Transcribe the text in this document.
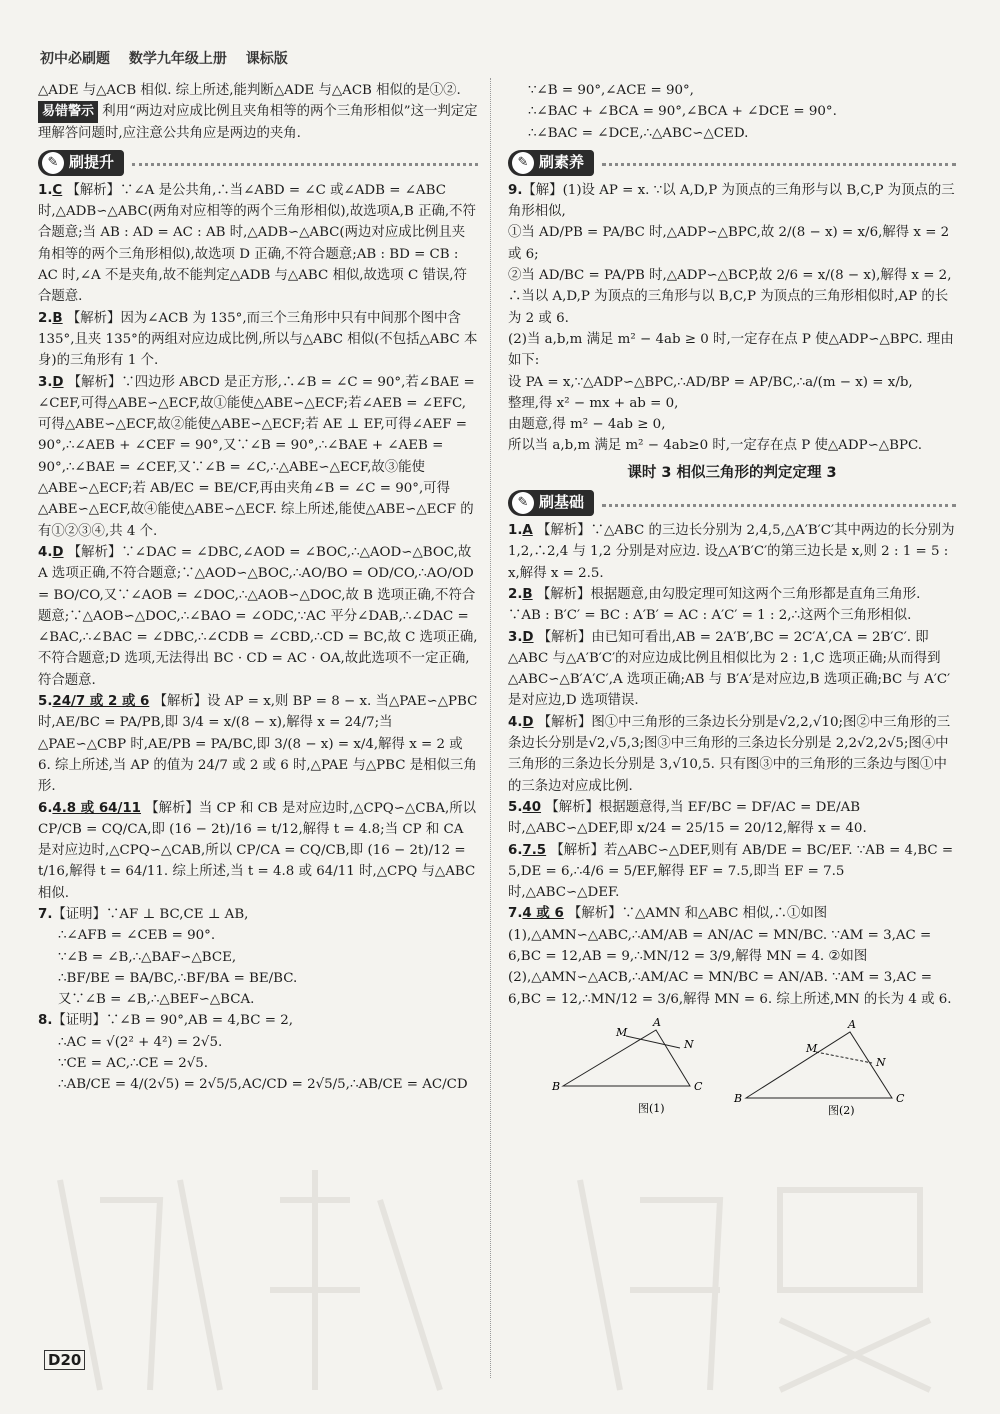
初中必刷题 数学九年级上册 课标版

△ADE 与△ACB 相似. 综上所述,能判断△ADE 与△ACB 相似的是①②.

易错警示 利用“两边对应成比例且夹角相等的两个三角形相似”这一判定定理解答问题时,应注意公共角应是两边的夹角.

✎ 刷提升

1.C 【解析】∵∠A 是公共角,∴当∠ABD = ∠C 或∠ADB = ∠ABC 时,△ADB∽△ABC(两角对应相等的两个三角形相似),故选项A,B 正确,不符合题意;当 AB : AD = AC : AB 时,△ADB∽△ABC(两边对应成比例且夹角相等的两个三角形相似),故选项 D 正确,不符合题意;AB : BD = CB : AC 时,∠A 不是夹角,故不能判定△ADB 与△ABC 相似,故选项 C 错误,符合题意.

2.B 【解析】因为∠ACB 为 135°,而三个三角形中只有中间那个图中含 135°,且夹 135°的两组对应边成比例,所以与△ABC 相似(不包括△ABC 本身)的三角形有 1 个.

3.D 【解析】∵四边形 ABCD 是正方形,∴∠B = ∠C = 90°,若∠BAE = ∠CEF,可得△ABE∽△ECF,故①能使△ABE∽△ECF;若∠AEB = ∠EFC,可得△ABE∽△ECF,故②能使△ABE∽△ECF;若 AE ⊥ EF,可得∠AEF = 90°,∴∠AEB + ∠CEF = 90°,又∵∠B = 90°,∴∠BAE + ∠AEB = 90°,∴∠BAE = ∠CEF,又∵∠B = ∠C,∴△ABE∽△ECF,故③能使△ABE∽△ECF;若 AB/EC = BE/CF,再由夹角∠B = ∠C = 90°,可得△ABE∽△ECF,故④能使△ABE∽△ECF. 综上所述,能使△ABE∽△ECF 的有①②③④,共 4 个.

4.D 【解析】∵∠DAC = ∠DBC,∠AOD = ∠BOC,∴△AOD∽△BOC,故 A 选项正确,不符合题意;∵△AOD∽△BOC,∴AO/BO = OD/CO,∴AO/OD = BO/CO,又∵∠AOB = ∠DOC,∴△AOB∽△DOC,故 B 选项正确,不符合题意;∵△AOB∽△DOC,∴∠BAO = ∠ODC,∵AC 平分∠DAB,∴∠DAC = ∠BAC,∴∠BAC = ∠DBC,∴∠CDB = ∠CBD,∴CD = BC,故 C 选项正确,不符合题意;D 选项,无法得出 BC · CD = AC · OA,故此选项不一定正确,符合题意.

5.24/7 或 2 或 6 【解析】设 AP = x,则 BP = 8 − x. 当△PAE∽△PBC 时,AE/BC = PA/PB,即 3/4 = x/(8 − x),解得 x = 24/7;当△PAE∽△CBP 时,AE/PB = PA/BC,即 3/(8 − x) = x/4,解得 x = 2 或 6. 综上所述,当 AP 的值为 24/7 或 2 或 6 时,△PAE 与△PBC 是相似三角形.

6.4.8 或 64/11 【解析】当 CP 和 CB 是对应边时,△CPQ∽△CBA,所以 CP/CB = CQ/CA,即 (16 − 2t)/16 = t/12,解得 t = 4.8;当 CP 和 CA 是对应边时,△CPQ∽△CAB,所以 CP/CA = CQ/CB,即 (16 − 2t)/12 = t/16,解得 t = 64/11. 综上所述,当 t = 4.8 或 64/11 时,△CPQ 与△ABC 相似.

7.【证明】∵AF ⊥ BC,CE ⊥ AB,

∴∠AFB = ∠CEB = 90°.

∵∠B = ∠B,∴△BAF∽△BCE,

∴BF/BE = BA/BC,∴BF/BA = BE/BC.

又∵∠B = ∠B,∴△BEF∽△BCA.

8.【证明】∵∠B = 90°,AB = 4,BC = 2,

∴AC = √(2² + 4²) = 2√5.

∵CE = AC,∴CE = 2√5.

∴AB/CE = 4/(2√5) = 2√5/5,AC/CD = 2√5/5,∴AB/CE = AC/CD

∵∠B = 90°,∠ACE = 90°,

∴∠BAC + ∠BCA = 90°,∠BCA + ∠DCE = 90°.

∴∠BAC = ∠DCE,∴△ABC∽△CED.

✎ 刷素养

9.【解】(1)设 AP = x. ∵以 A,D,P 为顶点的三角形与以 B,C,P 为顶点的三角形相似,

①当 AD/PB = PA/BC 时,△ADP∽△BPC,故 2/(8 − x) = x/6,解得 x = 2 或 6;

②当 AD/BC = PA/PB 时,△ADP∽△BCP,故 2/6 = x/(8 − x),解得 x = 2,

∴当以 A,D,P 为顶点的三角形与以 B,C,P 为顶点的三角形相似时,AP 的长为 2 或 6.

(2)当 a,b,m 满足 m² − 4ab ≥ 0 时,一定存在点 P 使△ADP∽△BPC. 理由如下:

设 PA = x,∵△ADP∽△BPC,∴AD/BP = AP/BC,∴a/(m − x) = x/b,

整理,得 x² − mx + ab = 0,

由题意,得 m² − 4ab ≥ 0,

所以当 a,b,m 满足 m² − 4ab≥0 时,一定存在点 P 使△ADP∽△BPC.

课时 3 相似三角形的判定定理 3
✎ 刷基础

1.A 【解析】∵△ABC 的三边长分别为 2,4,5,△A′B′C′其中两边的长分别为 1,2,∴2,4 与 1,2 分别是对应边. 设△A′B′C′的第三边长是 x,则 2 : 1 = 5 : x,解得 x = 2.5.

2.B 【解析】根据题意,由勾股定理可知这两个三角形都是直角三角形. ∵AB : B′C′ = BC : A′B′ = AC : A′C′ = 1 : 2,∴这两个三角形相似.

3.D 【解析】由已知可看出,AB = 2A′B′,BC = 2C′A′,CA = 2B′C′. 即△ABC 与△A′B′C′的对应边成比例且相似比为 2 : 1,C 选项正确;从而得到△ABC∽△B′A′C′,A 选项正确;AB 与 B′A′是对应边,B 选项正确;BC 与 A′C′是对应边,D 选项错误.

4.D 【解析】图①中三角形的三条边长分别是√2,2,√10;图②中三角形的三条边长分别是√2,√5,3;图③中三角形的三条边长分别是 2,2√2,2√5;图④中三角形的三条边长分别是 3,√10,5. 只有图③中的三角形的三条边与图①中的三条边对应成比例.

5.40 【解析】根据题意得,当 EF/BC = DF/AC = DE/AB 时,△ABC∽△DEF,即 x/24 = 25/15 = 20/12,解得 x = 40.

6.7.5 【解析】若△ABC∽△DEF,则有 AB/DE = BC/EF. ∵AB = 4,BC = 5,DE = 6,∴4/6 = 5/EF,解得 EF = 7.5,即当 EF = 7.5 时,△ABC∽△DEF.

7.4 或 6 【解析】∵△AMN 和△ABC 相似,∴①如图(1),△AMN∽△ABC,∴AM/AB = AN/AC = MN/BC. ∵AM = 3,AC = 6,BC = 12,AB = 9,∴MN/12 = 3/9,解得 MN = 4. ②如图(2),△AMN∽△ACB,∴AM/AC = MN/BC = AN/AB. ∵AM = 3,AC = 6,BC = 12,∴MN/12 = 3/6,解得 MN = 6. 综上所述,MN 的长为 4 或 6.

B
A
C
M
N
图(1)
B
A
C
M
N
图(2)
D20
